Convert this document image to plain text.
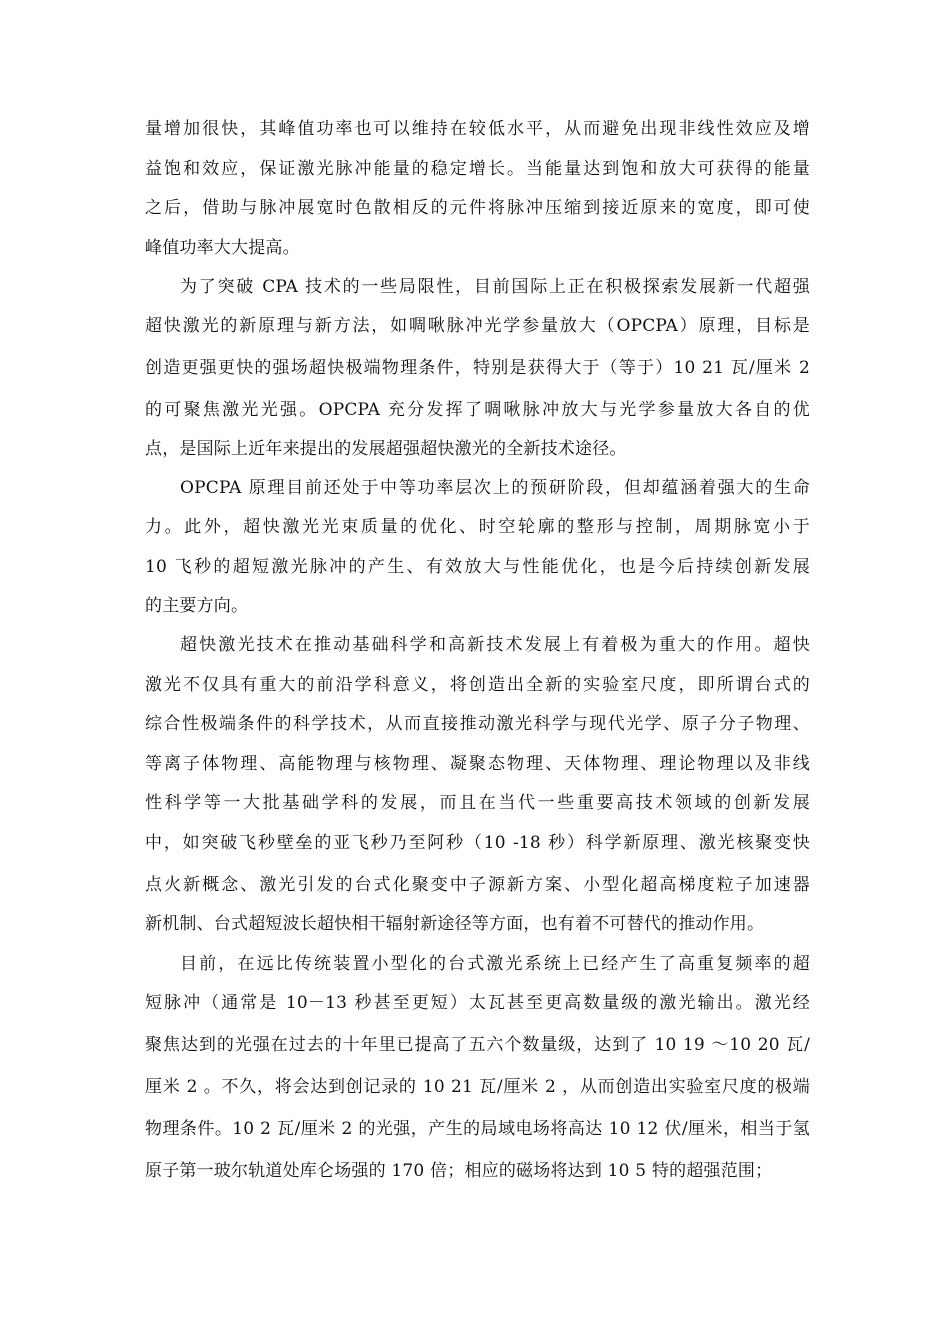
量增加很快，其峰值功率也可以维持在较低水平，从而避免出现非线性效应及增
益饱和效应，保证激光脉冲能量的稳定增长。当能量达到饱和放大可获得的能量
之后，借助与脉冲展宽时色散相反的元件将脉冲压缩到接近原来的宽度，即可使
峰值功率大大提高。
为了突破 CPA 技术的一些局限性，目前国际上正在积极探索发展新一代超强
超快激光的新原理与新方法，如啁啾脉冲光学参量放大（OPCPA）原理，目标是
创造更强更快的强场超快极端物理条件，特别是获得大于（等于）10 21 瓦/厘米 2
的可聚焦激光光强。OPCPA 充分发挥了啁啾脉冲放大与光学参量放大各自的优
点，是国际上近年来提出的发展超强超快激光的全新技术途径。
OPCPA 原理目前还处于中等功率层次上的预研阶段，但却蕴涵着强大的生命
力。此外，超快激光光束质量的优化、时空轮廓的整形与控制，周期脉宽小于
10 飞秒的超短激光脉冲的产生、有效放大与性能优化，也是今后持续创新发展
的主要方向。
超快激光技术在推动基础科学和高新技术发展上有着极为重大的作用。超快
激光不仅具有重大的前沿学科意义，将创造出全新的实验室尺度，即所谓台式的
综合性极端条件的科学技术，从而直接推动激光科学与现代光学、原子分子物理、
等离子体物理、高能物理与核物理、凝聚态物理、天体物理、理论物理以及非线
性科学等一大批基础学科的发展，而且在当代一些重要高技术领域的创新发展
中，如突破飞秒壁垒的亚飞秒乃至阿秒（10 -18 秒）科学新原理、激光核聚变快
点火新概念、激光引发的台式化聚变中子源新方案、小型化超高梯度粒子加速器
新机制、台式超短波长超快相干辐射新途径等方面，也有着不可替代的推动作用。
目前，在远比传统装置小型化的台式激光系统上已经产生了高重复频率的超
短脉冲（通常是 10－13 秒甚至更短）太瓦甚至更高数量级的激光输出。激光经
聚焦达到的光强在过去的十年里已提高了五六个数量级，达到了 10 19 ～10 20 瓦/
厘米 2 。不久，将会达到创记录的 10 21 瓦/厘米 2 ，从而创造出实验室尺度的极端
物理条件。10 2 瓦/厘米 2 的光强，产生的局域电场将高达 10 12 伏/厘米，相当于氢
原子第一玻尔轨道处库仑场强的 170 倍；相应的磁场将达到 10 5 特的超强范围；
